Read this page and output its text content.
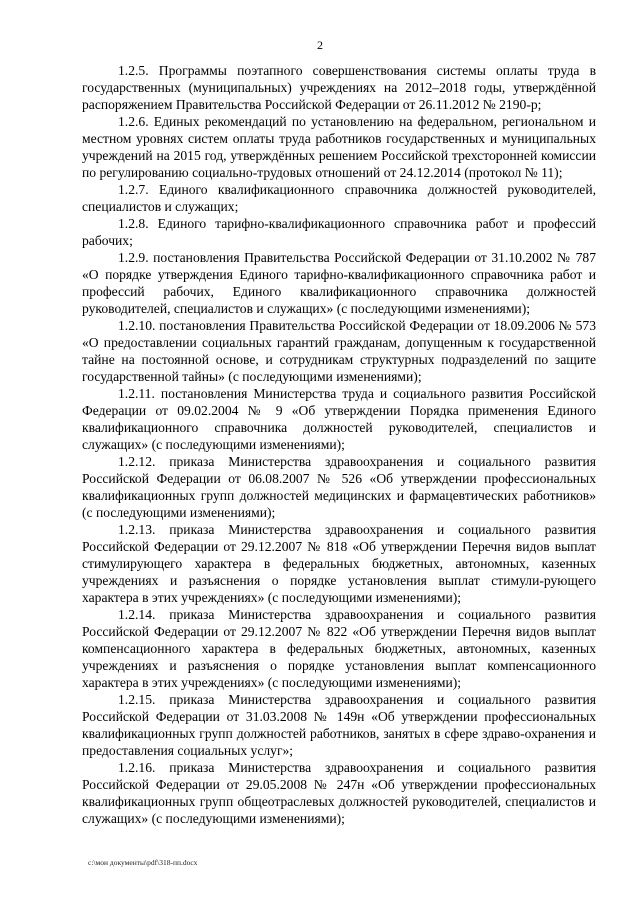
2

1.2.5. Программы поэтапного совершенствования системы оплаты труда в государственных (муниципальных) учреждениях на 2012–2018 годы, утверждённой распоряжением Правительства Российской Федерации от 26.11.2012 № 2190-р;

1.2.6. Единых рекомендаций по установлению на федеральном, региональном и местном уровнях систем оплаты труда работников государственных и муниципальных учреждений на 2015 год, утверждённых решением Российской трехсторонней комиссии по регулированию социально-трудовых отношений от 24.12.2014 (протокол № 11);

1.2.7. Единого квалификационного справочника должностей руководителей, специалистов и служащих;

1.2.8. Единого тарифно-квалификационного справочника работ и профессий рабочих;

1.2.9. постановления Правительства Российской Федерации от 31.10.2002 № 787 «О порядке утверждения Единого тарифно-квалификационного справочника работ и профессий рабочих, Единого квалификационного справочника должностей руководителей, специалистов и служащих» (с последующими изменениями);

1.2.10. постановления Правительства Российской Федерации от 18.09.2006 № 573 «О предоставлении социальных гарантий гражданам, допущенным к государственной тайне на постоянной основе, и сотрудникам структурных подразделений по защите государственной тайны» (с последующими изменениями);

1.2.11. постановления Министерства труда и социального развития Российской Федерации от 09.02.2004 № 9 «Об утверждении Порядка применения Единого квалификационного справочника должностей руководителей, специалистов и служащих» (с последующими изменениями);

1.2.12. приказа Министерства здравоохранения и социального развития Российской Федерации от 06.08.2007 № 526 «Об утверждении профессиональных квалификационных групп должностей медицинских и фармацевтических работников» (с последующими изменениями);

1.2.13. приказа Министерства здравоохранения и социального развития Российской Федерации от 29.12.2007 № 818 «Об утверждении Перечня видов выплат стимулирующего характера в федеральных бюджетных, автономных, казенных учреждениях и разъяснения о порядке установления выплат стимули-рующего характера в этих учреждениях» (с последующими изменениями);

1.2.14. приказа Министерства здравоохранения и социального развития Российской Федерации от 29.12.2007 № 822 «Об утверждении Перечня видов выплат компенсационного характера в федеральных бюджетных, автономных, казенных учреждениях и разъяснения о порядке установления выплат компенсационного характера в этих учреждениях» (с последующими изменениями);

1.2.15. приказа Министерства здравоохранения и социального развития Российской Федерации от 31.03.2008 № 149н «Об утверждении профессиональных квалификационных групп должностей работников, занятых в сфере здраво-охранения и предоставления социальных услуг»;

1.2.16. приказа Министерства здравоохранения и социального развития Российской Федерации от 29.05.2008 № 247н «Об утверждении профессиональных квалификационных групп общеотраслевых должностей руководителей, специалистов и служащих» (с последующими изменениями);

c:\мои документы\pdf\318-пп.docx
